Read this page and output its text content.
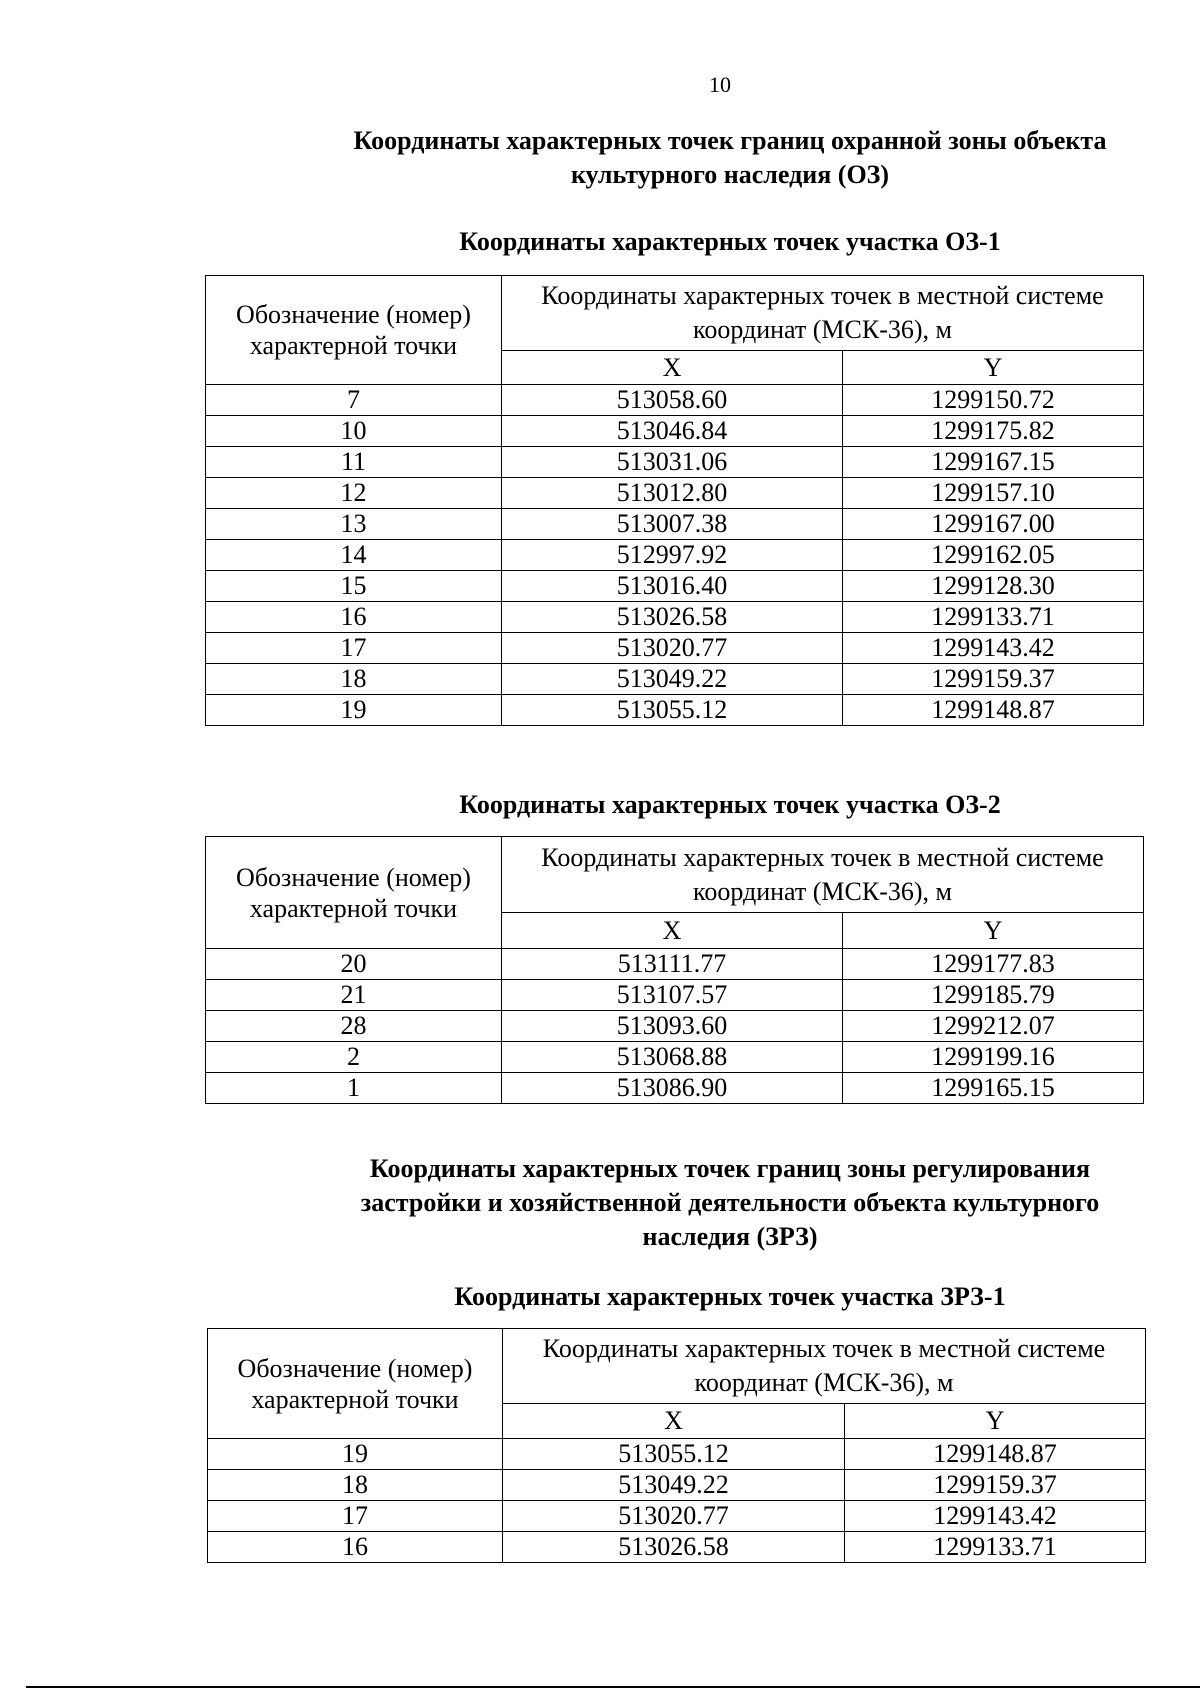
10
Координаты характерных точек границ охранной зоны объекта
культурного наследия (ОЗ)
Координаты характерных точек участка ОЗ-1
Обозначение (номер) характерной точки	Координаты характерных точек в местной системе координат (МСК-36), м	
	X	Y
7	513058.60	1299150.72
10	513046.84	1299175.82
11	513031.06	1299167.15
12	513012.80	1299157.10
13	513007.38	1299167.00
14	512997.92	1299162.05
15	513016.40	1299128.30
16	513026.58	1299133.71
17	513020.77	1299143.42
18	513049.22	1299159.37
19	513055.12	1299148.87
Координаты характерных точек участка ОЗ-2
Обозначение (номер) характерной точки	Координаты характерных точек в местной системе координат (МСК-36), м	
	X	Y
20	513111.77	1299177.83
21	513107.57	1299185.79
28	513093.60	1299212.07
2	513068.88	1299199.16
1	513086.90	1299165.15
Координаты характерных точек границ зоны регулирования
застройки и хозяйственной деятельности объекта культурного
наследия (ЗРЗ)
Координаты характерных точек участка ЗРЗ-1
Обозначение (номер) характерной точки	Координаты характерных точек в местной системе координат (МСК-36), м	
	X	Y
19	513055.12	1299148.87
18	513049.22	1299159.37
17	513020.77	1299143.42
16	513026.58	1299133.71
